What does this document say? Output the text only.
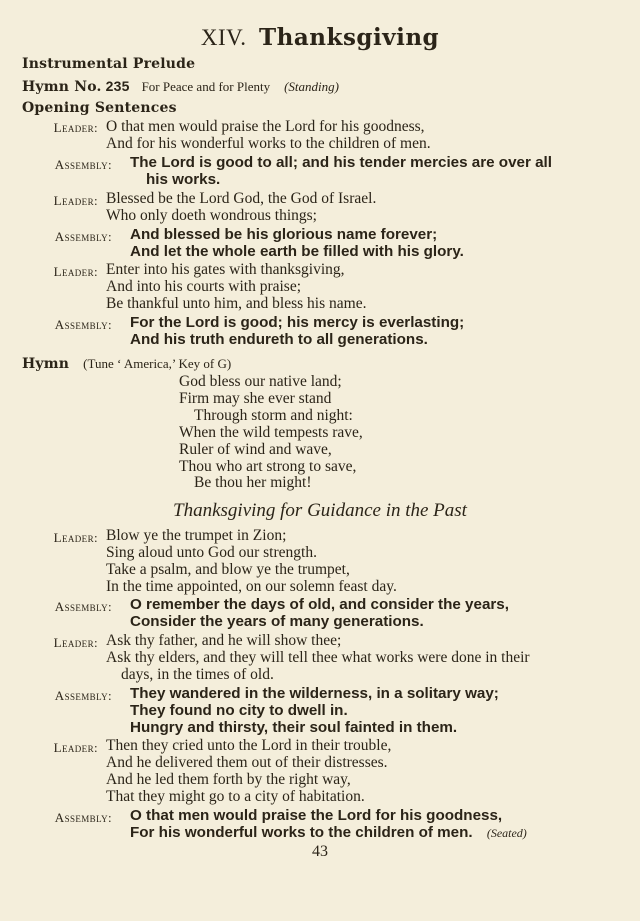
XIV. Thanksgiving
Instrumental Prelude
Hymn No. 235 For Peace and for Plenty (Standing)
Opening Sentences
Leader: O that men would praise the Lord for his goodness,
And for his wonderful works to the children of men.
Assembly: The Lord is good to all; and his tender mercies are over all
his works.
Leader: Blessed be the Lord God, the God of Israel.
Who only doeth wondrous things;
Assembly: And blessed be his glorious name forever;
And let the whole earth be filled with his glory.
Leader: Enter into his gates with thanksgiving,
And into his courts with praise;
Be thankful unto him, and bless his name.
Assembly: For the Lord is good; his mercy is everlasting;
And his truth endureth to all generations.
Hymn (Tune ‘ America,’ Key of G)
God bless our native land;
Firm may she ever stand
Through storm and night:
When the wild tempests rave,
Ruler of wind and wave,
Thou who art strong to save,
Be thou her might!
Thanksgiving for Guidance in the Past
Leader: Blow ye the trumpet in Zion;
Sing aloud unto God our strength.
Take a psalm, and blow ye the trumpet,
In the time appointed, on our solemn feast day.
Assembly: O remember the days of old, and consider the years,
Consider the years of many generations.
Leader: Ask thy father, and he will show thee;
Ask thy elders, and they will tell thee what works were done in their
days, in the times of old.
Assembly: They wandered in the wilderness, in a solitary way;
They found no city to dwell in.
Hungry and thirsty, their soul fainted in them.
Leader: Then they cried unto the Lord in their trouble,
And he delivered them out of their distresses.
And he led them forth by the right way,
That they might go to a city of habitation.
Assembly: O that men would praise the Lord for his goodness,
For his wonderful works to the children of men. (Seated)
43
